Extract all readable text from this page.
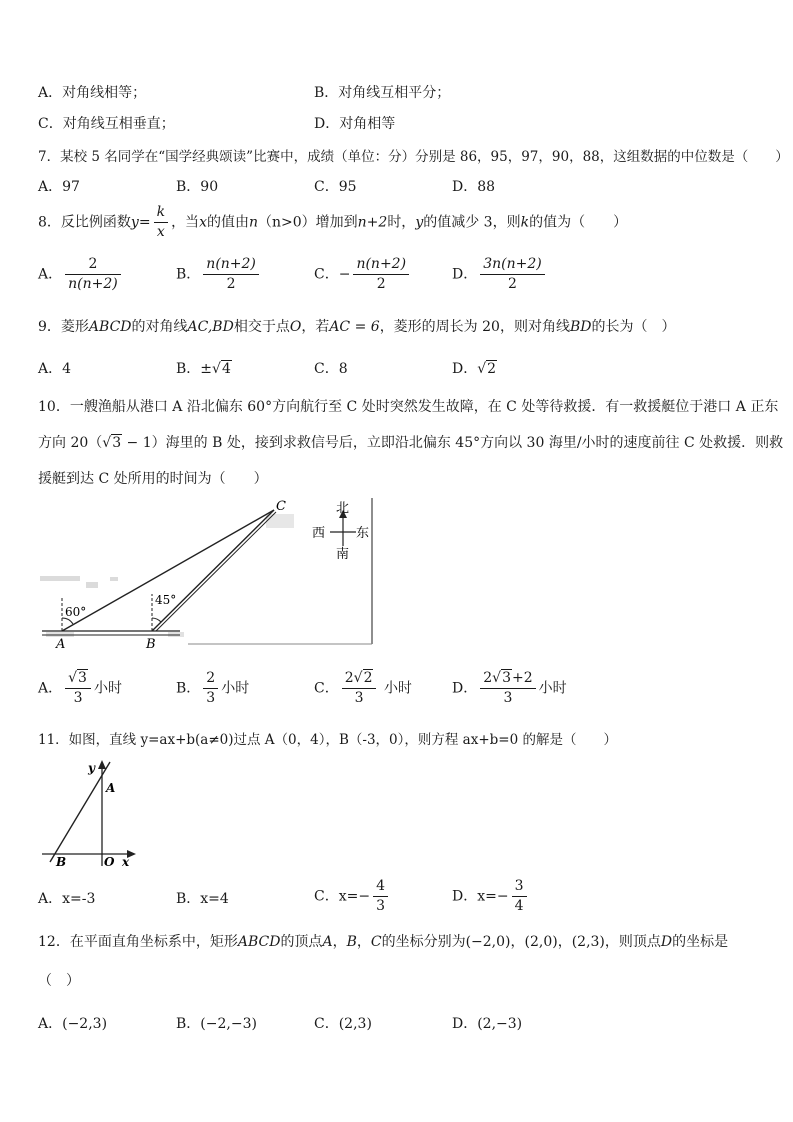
A．对角线相等；	B．对角线互相平分；
C．对角线互相垂直；	D．对角相等
7．某校 5 名同学在“国学经典颂读”比赛中，成绩（单位：分）分别是 86，95，97，90，88，这组数据的中位数是（　　）
A．97	B．90	C．95	D．88
8．反比例函数$y= \frac{k}{x}$ ，当x的值由n（n>0）增加到n+2时，y的值减少 3，则k的值为（　　）
A． $\frac{2}{n(n+2)}$	B． $\frac{n(n+2)}{2}$	C．− $\frac{n(n+2)}{2}$	D． $\frac{3n(n+2)}{2}$
9．菱形ABCD的对角线AC,BD相交于点O，若AC = 6，菱形的周长为 20，则对角线BD的长为（　）
A．4	B．±√4	C．8	D．√2
10．一艘渔船从港口 A 沿北偏东 60°方向航行至 C 处时突然发生故障，在 C 处等待救援．有一救援艇位于港口 A 正东
方向 20（√3 − 1）海里的 B 处，接到求救信号后，立即沿北偏东 45°方向以 30 海里/小时的速度前往 C 处救援．则救
援艇到达 C 处所用的时间为（　　）
C
A	B
60°
45°
北
南
西 东
A． $\frac{√3}{3}$ 小时	B． $\frac{2}{3}$ 小时	C． $\frac{2√2}{3}$ 小时	D． $\frac{2√3+2}{3}$ 小时
11．如图，直线 y=ax+b(a≠0)过点 A（0，4），B（-3，0），则方程 ax+b=0 的解是（　　）
y
x
A
B	O
A．x=-3	B．x=4	C．$x=- \frac{4}{3}$	D．$x=- \frac{3}{4}$
12．在平面直角坐标系中，矩形ABCD的顶点A，B，C的坐标分别为(−2,0)，(2,0)，(2,3)，则顶点D的坐标是
（　）
A．(−2,3)	B．(−2,−3)	C．(2,3)	D．(2,−3)
